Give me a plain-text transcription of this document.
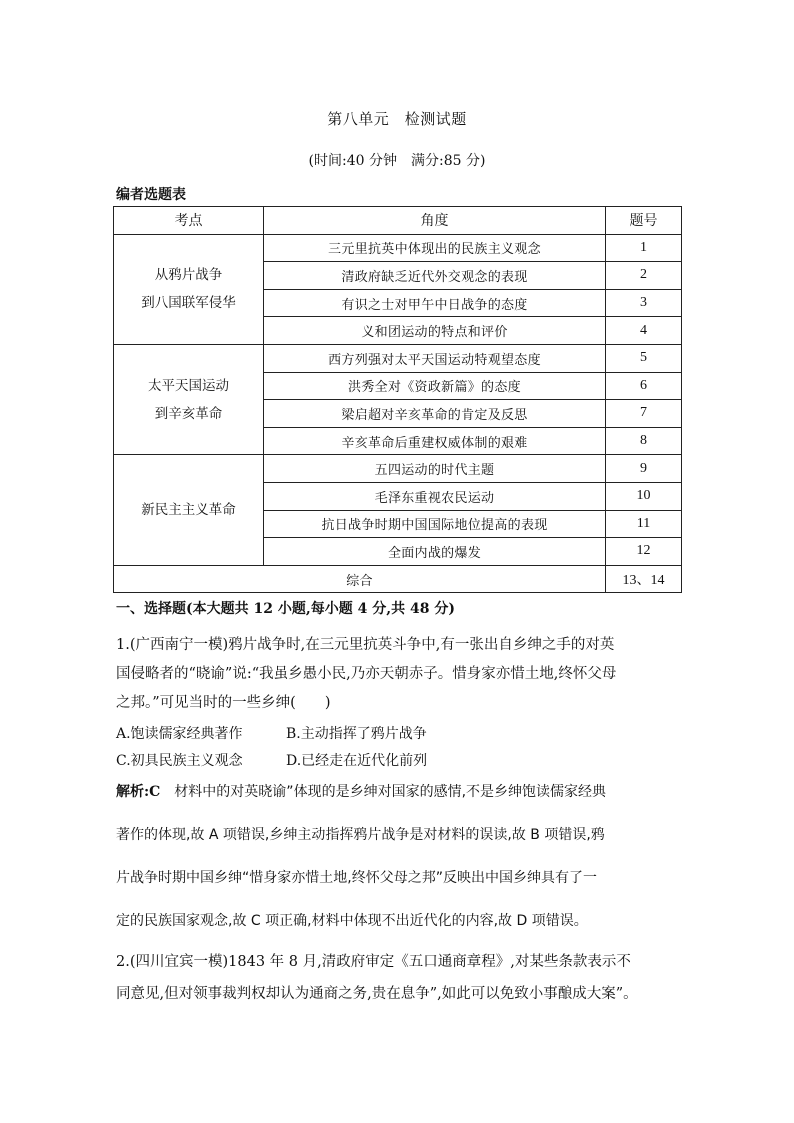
第八单元　检测试题
(时间:40 分钟　满分:85 分)
编者选题表
考点	角度	题号

从鸦片战争
到八国联军侵华	三元里抗英中体现出的民族主义观念	1
	清政府缺乏近代外交观念的表现	2
	有识之士对甲午中日战争的态度	3
	义和团运动的特点和评价	4

太平天国运动
到辛亥革命	西方列强对太平天国运动特观望态度	5
	洪秀全对《资政新篇》的态度	6
	梁启超对辛亥革命的肯定及反思	7
	辛亥革命后重建权威体制的艰难	8

新民主主义革命	五四运动的时代主题	9
	毛泽东重视农民运动	10
	抗日战争时期中国国际地位提高的表现	11
	全面内战的爆发	12
综合		13、14
一、选择题(本大题共 12 小题,每小题 4 分,共 48 分)
1.(广西南宁一模)鸦片战争时,在三元里抗英斗争中,有一张出自乡绅之手的对英
国侵略者的“晓谕”说:“我虽乡愚小民,乃亦天朝赤子。惜身家亦惜土地,终怀父母
之邦。”可见当时的一些乡绅(　　)
A.饱读儒家经典著作	B.主动指挥了鸦片战争
C.初具民族主义观念	D.已经走在近代化前列
解析:C　材料中的对英晓谕”体现的是乡绅对国家的感情,不是乡绅饱读儒家经典
著作的体现,故 A 项错误,乡绅主动指挥鸦片战争是对材料的误读,故 B 项错误,鸦
片战争时期中国乡绅“惜身家亦惜土地,终怀父母之邦”反映出中国乡绅具有了一
定的民族国家观念,故 C 项正确,材料中体现不出近代化的内容,故 D 项错误。
2.(四川宜宾一模)1843 年 8 月,清政府审定《五口通商章程》,对某些条款表示不
同意见,但对领事裁判权却认为通商之务,贵在息争”,如此可以免致小事酿成大案”。
